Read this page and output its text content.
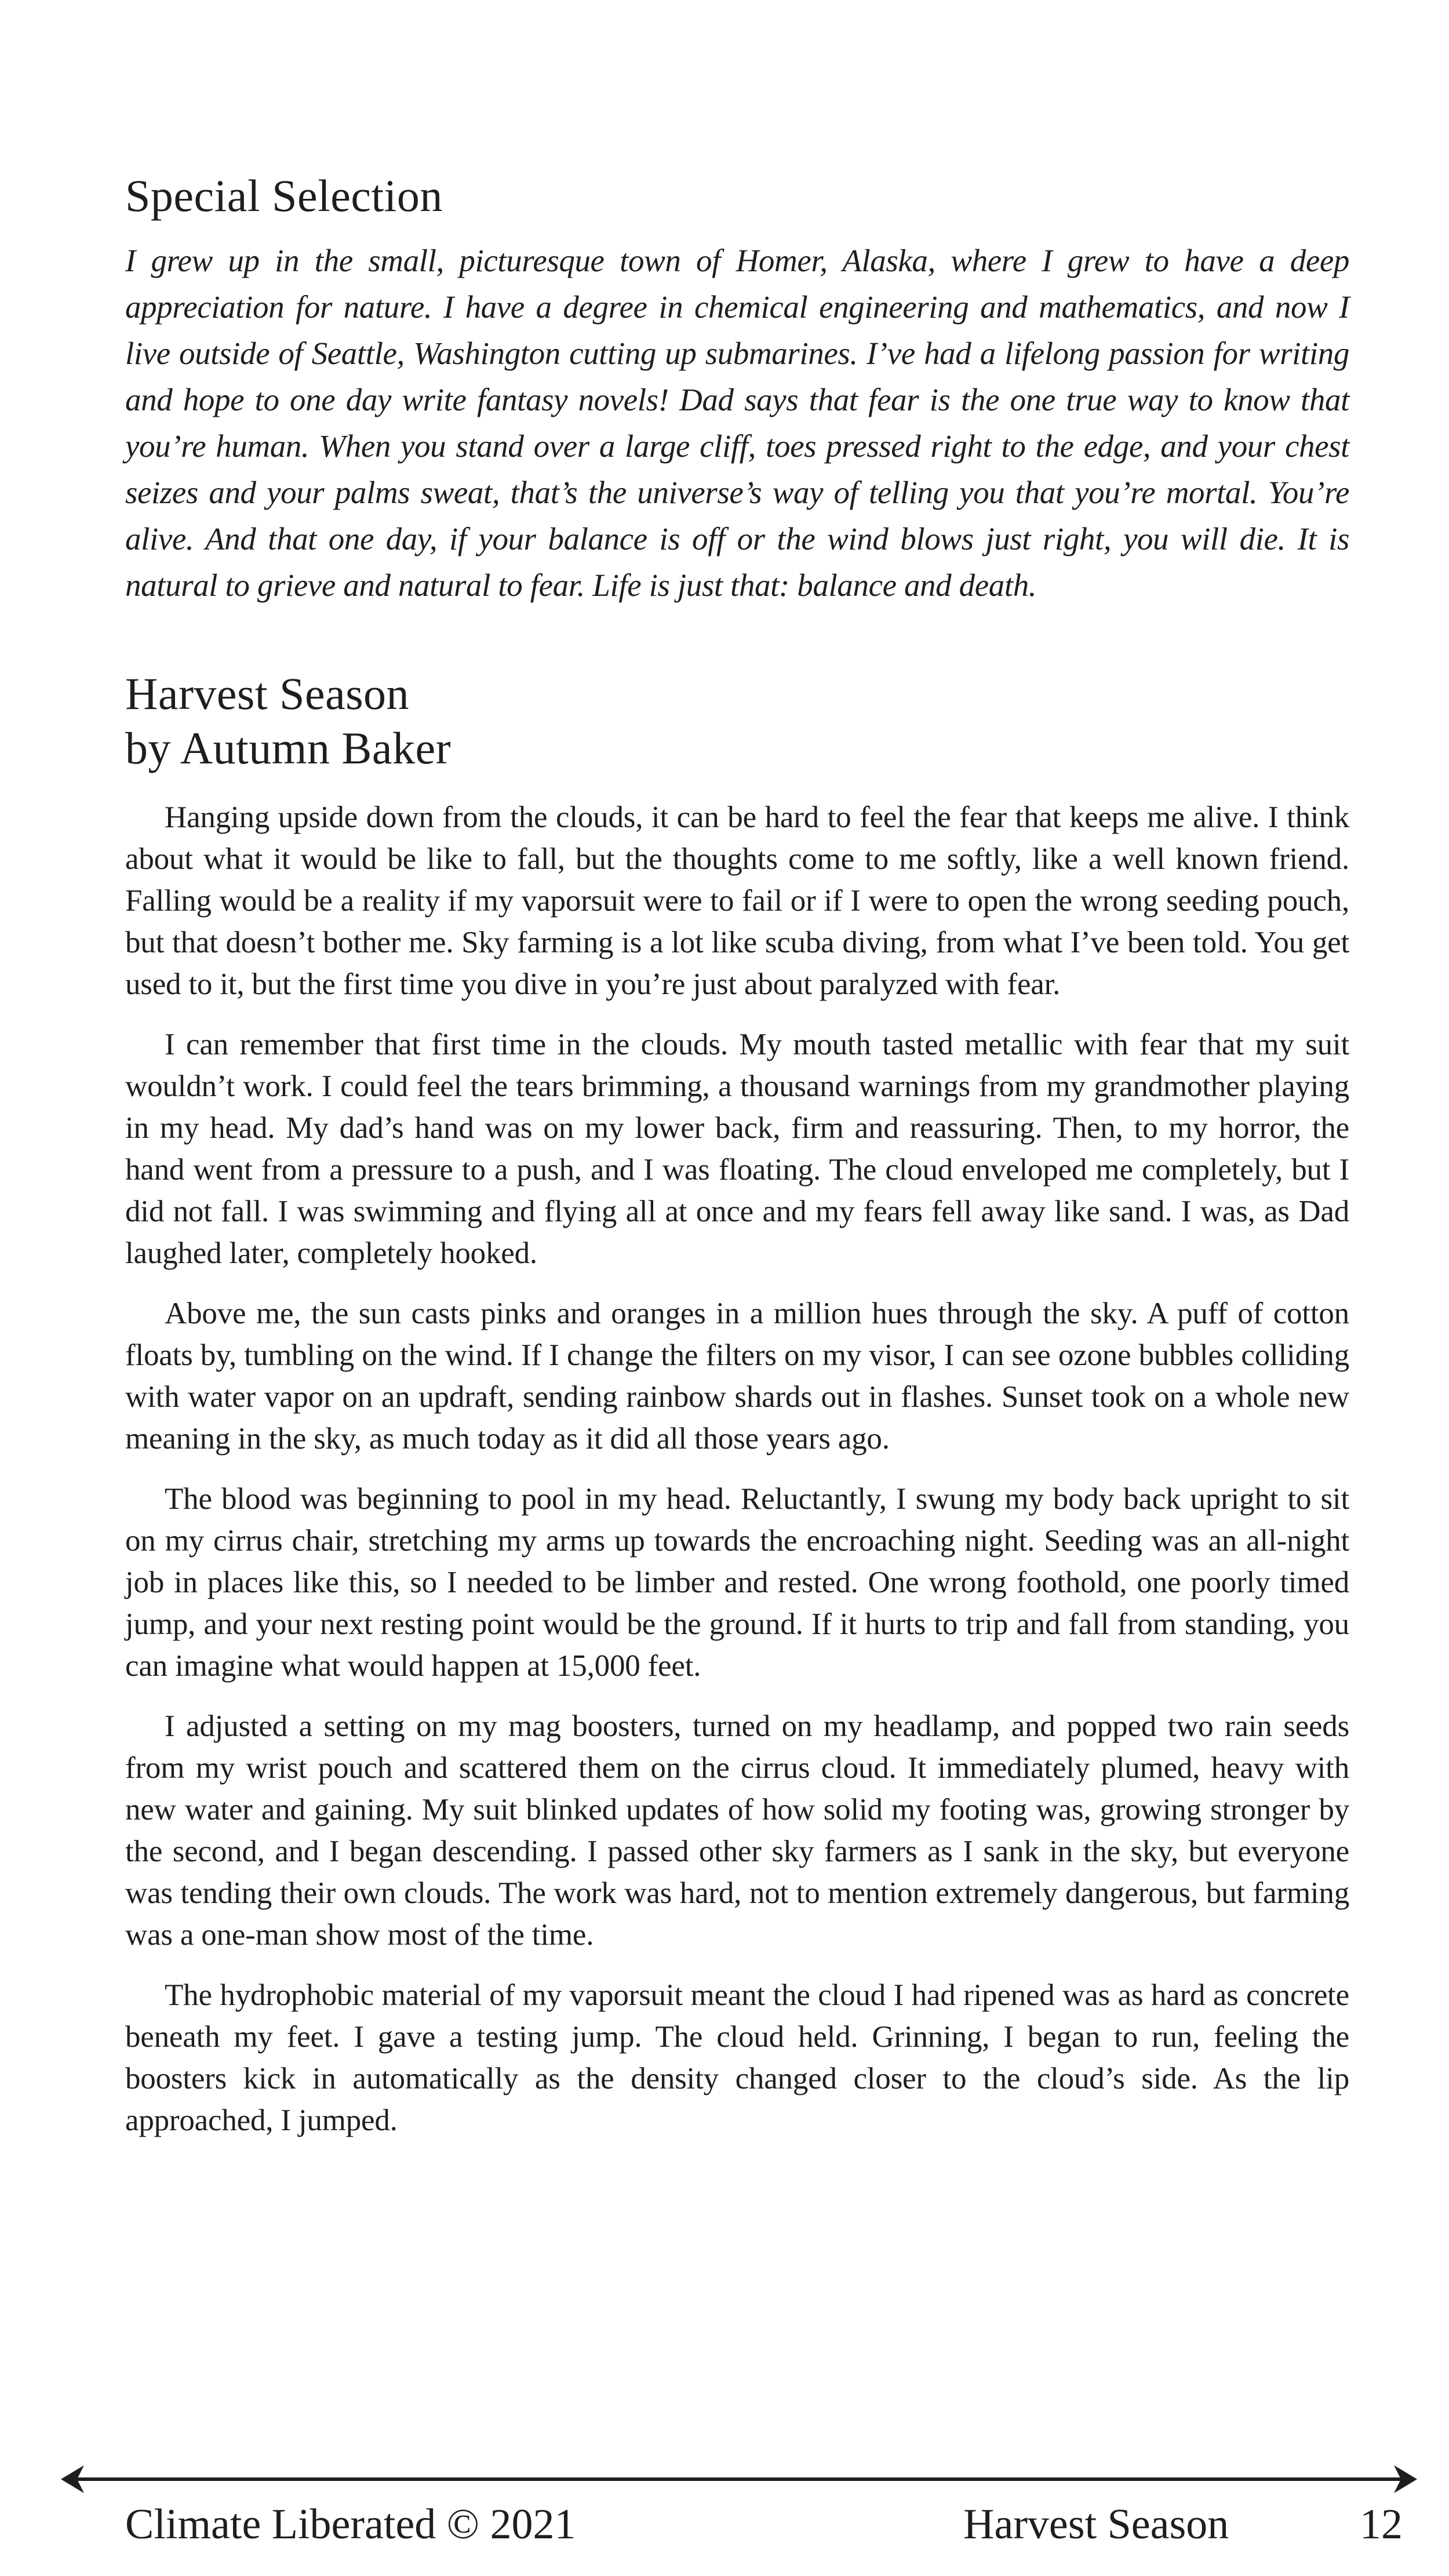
Special Selection

I grew up in the small, picturesque town of Homer, Alaska, where I grew to have a deep appreciation for nature. I have a degree in chemical engineering and mathematics, and now I live outside of Seattle, Washington cutting up submarines. I’ve had a lifelong passion for writing and hope to one day write fantasy novels! Dad says that fear is the one true way to know that you’re human. When you stand over a large cliff, toes pressed right to the edge, and your chest seizes and your palms sweat, that’s the universe’s way of telling you that you’re mortal. You’re alive. And that one day, if your balance is off or the wind blows just right, you will die. It is natural to grieve and natural to fear. Life is just that: balance and death.

Harvest Season
by Autumn Baker

Hanging upside down from the clouds, it can be hard to feel the fear that keeps me alive. I think about what it would be like to fall, but the thoughts come to me softly, like a well known friend. Falling would be a reality if my vaporsuit were to fail or if I were to open the wrong seeding pouch, but that doesn’t bother me. Sky farming is a lot like scuba diving, from what I’ve been told. You get used to it, but the first time you dive in you’re just about paralyzed with fear.

I can remember that first time in the clouds. My mouth tasted metallic with fear that my suit wouldn’t work. I could feel the tears brimming, a thousand warnings from my grandmother playing in my head. My dad’s hand was on my lower back, firm and reassuring. Then, to my horror, the hand went from a pressure to a push, and I was floating. The cloud enveloped me completely, but I did not fall. I was swimming and flying all at once and my fears fell away like sand. I was, as Dad laughed later, completely hooked.

Above me, the sun casts pinks and oranges in a million hues through the sky. A puff of cotton floats by, tumbling on the wind. If I change the filters on my visor, I can see ozone bubbles colliding with water vapor on an updraft, sending rainbow shards out in flashes. Sunset took on a whole new meaning in the sky, as much today as it did all those years ago.

The blood was beginning to pool in my head. Reluctantly, I swung my body back upright to sit on my cirrus chair, stretching my arms up towards the encroaching night. Seeding was an all-night job in places like this, so I needed to be limber and rested. One wrong foothold, one poorly timed jump, and your next resting point would be the ground. If it hurts to trip and fall from standing, you can imagine what would happen at 15,000 feet.

I adjusted a setting on my mag boosters, turned on my headlamp, and popped two rain seeds from my wrist pouch and scattered them on the cirrus cloud. It immediately plumed, heavy with new water and gaining. My suit blinked updates of how solid my footing was, growing stronger by the second, and I began descending. I passed other sky farmers as I sank in the sky, but everyone was tending their own clouds. The work was hard, not to mention extremely dangerous, but farming was a one-man show most of the time.

The hydrophobic material of my vaporsuit meant the cloud I had ripened was as hard as concrete beneath my feet. I gave a testing jump. The cloud held. Grinning, I began to run, feeling the boosters kick in automatically as the density changed closer to the cloud’s side. As the lip approached, I jumped.

Climate Liberated © 2021	Harvest Season	12
